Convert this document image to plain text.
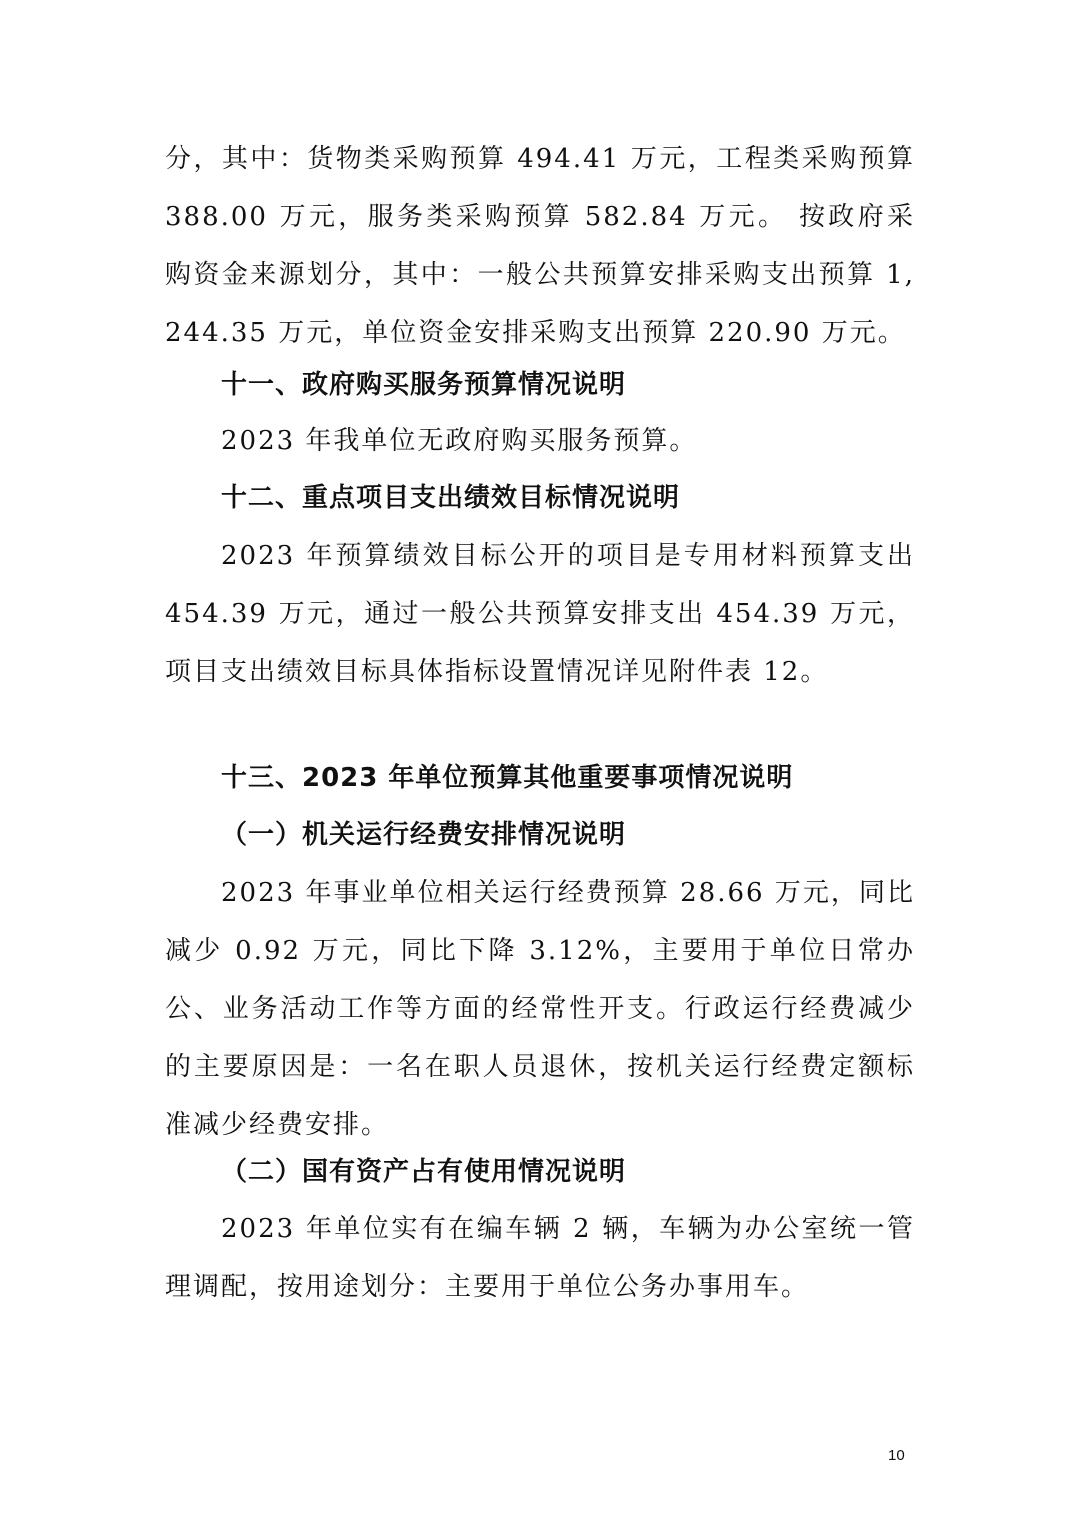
分，其中：货物类采购预算 494.41 万元，工程类采购预算 388.00 万元，服务类采购预算 582.84 万元。 按政府采购资金来源划分，其中：一般公共预算安排采购支出预算 1,244.35 万元，单位资金安排采购支出预算 220.90 万元。

十一、政府购买服务预算情况说明

2023 年我单位无政府购买服务预算。

十二、重点项目支出绩效目标情况说明

2023 年预算绩效目标公开的项目是专用材料预算支出 454.39 万元，通过一般公共预算安排支出 454.39 万元，项目支出绩效目标具体指标设置情况详见附件表 12。

十三、2023 年单位预算其他重要事项情况说明
（一）机关运行经费安排情况说明

2023 年事业单位相关运行经费预算 28.66 万元，同比减少 0.92 万元，同比下降 3.12%，主要用于单位日常办公、业务活动工作等方面的经常性开支。行政运行经费减少的主要原因是：一名在职人员退休，按机关运行经费定额标准减少经费安排。

（二）国有资产占有使用情况说明

2023 年单位实有在编车辆 2 辆，车辆为办公室统一管理调配，按用途划分：主要用于单位公务办事用车。

10
